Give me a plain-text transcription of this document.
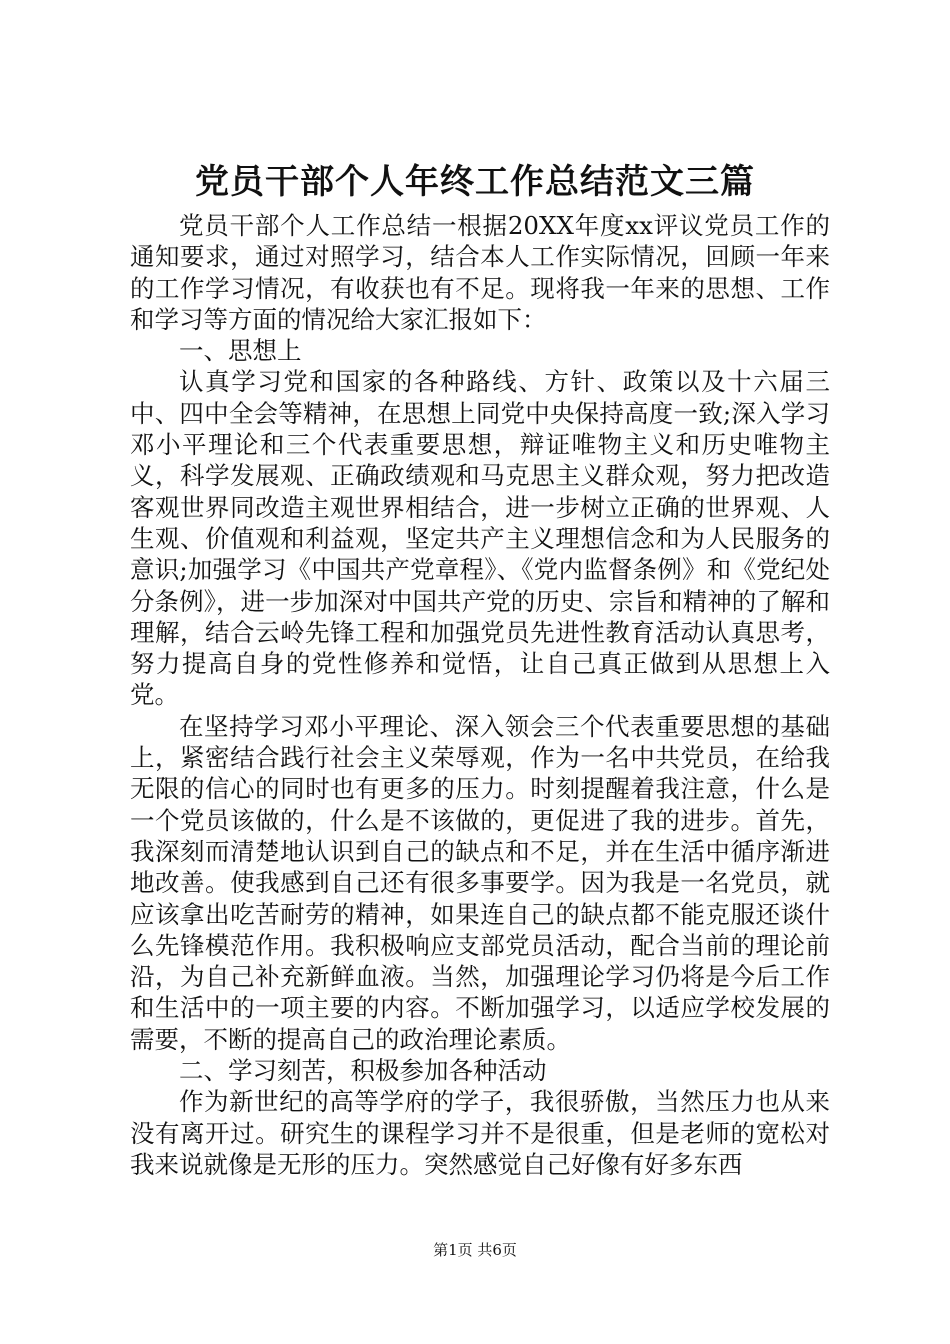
党员干部个人年终工作总结范文三篇

党员干部个人工作总结一根据20XX年度xx评议党员工作的通知要求，通过对照学习，结合本人工作实际情况，回顾一年来的工作学习情况，有收获也有不足。现将我一年来的思想、工作和学习等方面的情况给大家汇报如下：

一、思想上

认真学习党和国家的各种路线、方针、政策以及十六届三中、四中全会等精神，在思想上同党中央保持高度一致;深入学习邓小平理论和三个代表重要思想，辩证唯物主义和历史唯物主义，科学发展观、正确政绩观和马克思主义群众观，努力把改造客观世界同改造主观世界相结合，进一步树立正确的世界观、人生观、价值观和利益观，坚定共产主义理想信念和为人民服务的意识;加强学习《中国共产党章程》、《党内监督条例》和《党纪处分条例》，进一步加深对中国共产党的历史、宗旨和精神的了解和理解，结合云岭先锋工程和加强党员先进性教育活动认真思考，努力提高自身的党性修养和觉悟，让自己真正做到从思想上入党。

在坚持学习邓小平理论、深入领会三个代表重要思想的基础上，紧密结合践行社会主义荣辱观，作为一名中共党员，在给我无限的信心的同时也有更多的压力。时刻提醒着我注意，什么是一个党员该做的，什么是不该做的，更促进了我的进步。首先，我深刻而清楚地认识到自己的缺点和不足，并在生活中循序渐进地改善。使我感到自己还有很多事要学。因为我是一名党员，就应该拿出吃苦耐劳的精神，如果连自己的缺点都不能克服还谈什么先锋模范作用。我积极响应支部党员活动，配合当前的理论前沿，为自己补充新鲜血液。当然，加强理论学习仍将是今后工作和生活中的一项主要的内容。不断加强学习，以适应学校发展的需要，不断的提高自己的政治理论素质。

二、学习刻苦，积极参加各种活动

作为新世纪的高等学府的学子，我很骄傲，当然压力也从来没有离开过。研究生的课程学习并不是很重，但是老师的宽松对我来说就像是无形的压力。突然感觉自己好像有好多东西

第1页 共6页
